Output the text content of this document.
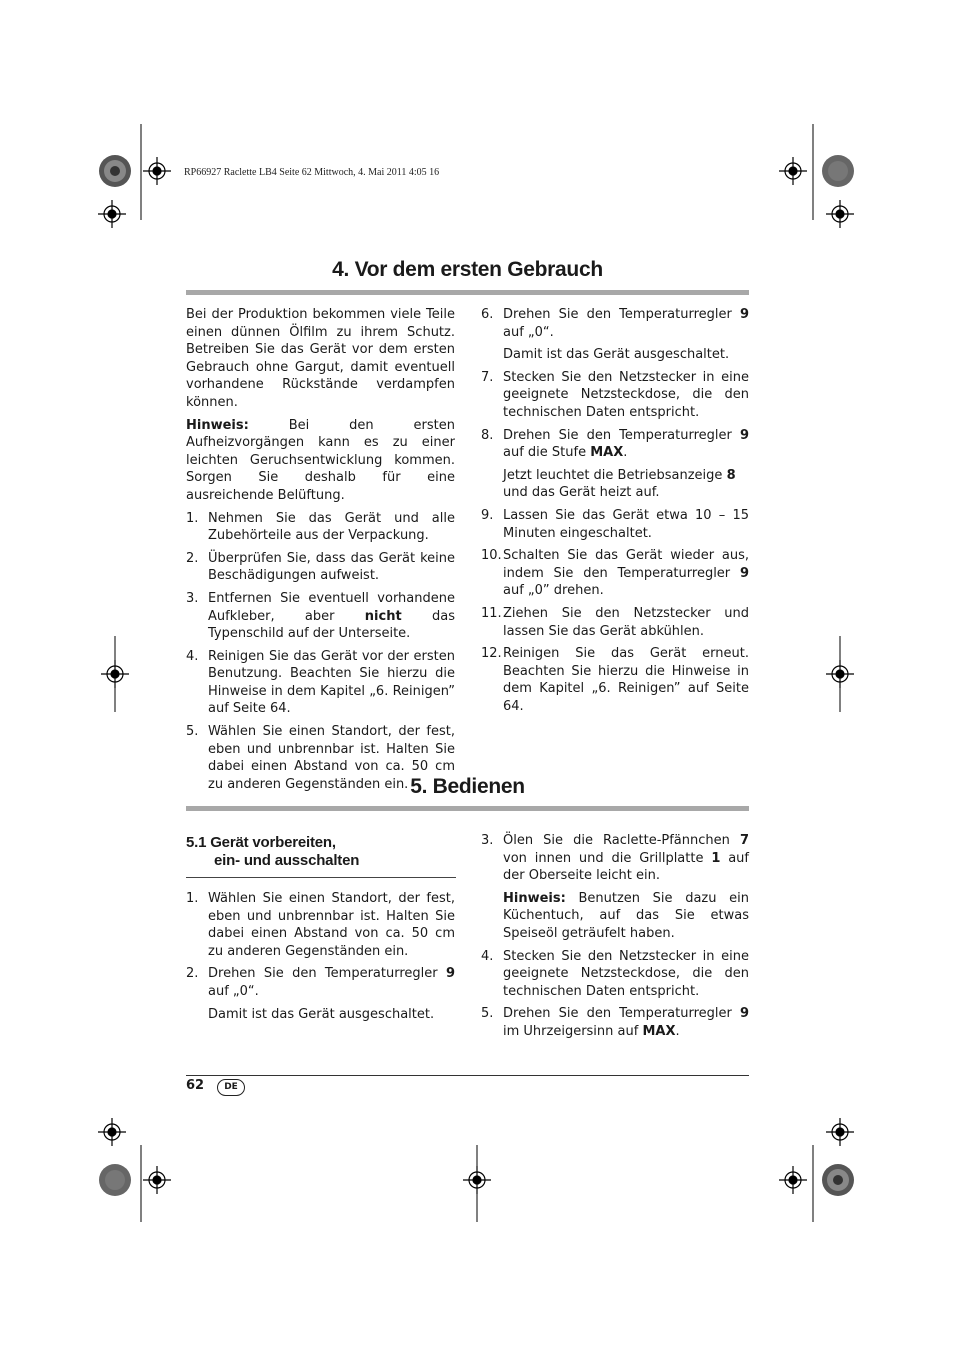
RP66927 Raclette LB4 Seite 62 Mittwoch, 4. Mai 2011 4:05 16
4. Vor dem ersten Gebrauch

Bei der Produktion bekommen viele Teile einen dünnen Ölfilm zu ihrem Schutz. Betreiben Sie das Gerät vor dem ersten Gebrauch ohne Gargut, damit eventuell vorhandene Rückstände verdampfen können.

Hinweis: Bei den ersten Aufheizvorgängen kann es zu einer leichten Geruchsentwicklung kommen. Sorgen Sie deshalb für eine ausreichende Belüftung.

1. Nehmen Sie das Gerät und alle Zubehörteile aus der Verpackung.
2. Überprüfen Sie, dass das Gerät keine Beschädigungen aufweist.
3. Entfernen Sie eventuell vorhandene Aufkleber, aber nicht das Typenschild auf der Unterseite.
4. Reinigen Sie das Gerät vor der ersten Benutzung. Beachten Sie hierzu die Hinweise in dem Kapitel „6. Reinigen” auf Seite 64.
5. Wählen Sie einen Standort, der fest, eben und unbrennbar ist. Halten Sie dabei einen Abstand von ca. 50 cm zu anderen Gegenständen ein.
6. Drehen Sie den Temperaturregler 9 auf „0“.
Damit ist das Gerät ausgeschaltet.
7. Stecken Sie den Netzstecker in eine geeignete Netzsteckdose, die den technischen Daten entspricht.
8. Drehen Sie den Temperaturregler 9 auf die Stufe MAX.
Jetzt leuchtet die Betriebsanzeige 8 und das Gerät heizt auf.
9. Lassen Sie das Gerät etwa 10 – 15 Minuten eingeschaltet.
10. Schalten Sie das Gerät wieder aus, indem Sie den Temperaturregler 9 auf „0” drehen.
11. Ziehen Sie den Netzstecker und lassen Sie das Gerät abkühlen.
12. Reinigen Sie das Gerät erneut. Beachten Sie hierzu die Hinweise in dem Kapitel „6. Reinigen” auf Seite 64.
5. Bedienen
5.1 Gerät vorbereiten,
ein- und ausschalten
1. Wählen Sie einen Standort, der fest, eben und unbrennbar ist. Halten Sie dabei einen Abstand von ca. 50 cm zu anderen Gegenständen ein.
2. Drehen Sie den Temperaturregler 9 auf „0“.
Damit ist das Gerät ausgeschaltet.
3. Ölen Sie die Raclette-Pfännchen 7 von innen und die Grillplatte 1 auf der Oberseite leicht ein.
Hinweis: Benutzen Sie dazu ein Küchentuch, auf das Sie etwas Speiseöl geträufelt haben.
4. Stecken Sie den Netzstecker in eine geeignete Netzsteckdose, die den technischen Daten entspricht.
5. Drehen Sie den Temperaturregler 9 im Uhrzeigersinn auf MAX.
62	DE
